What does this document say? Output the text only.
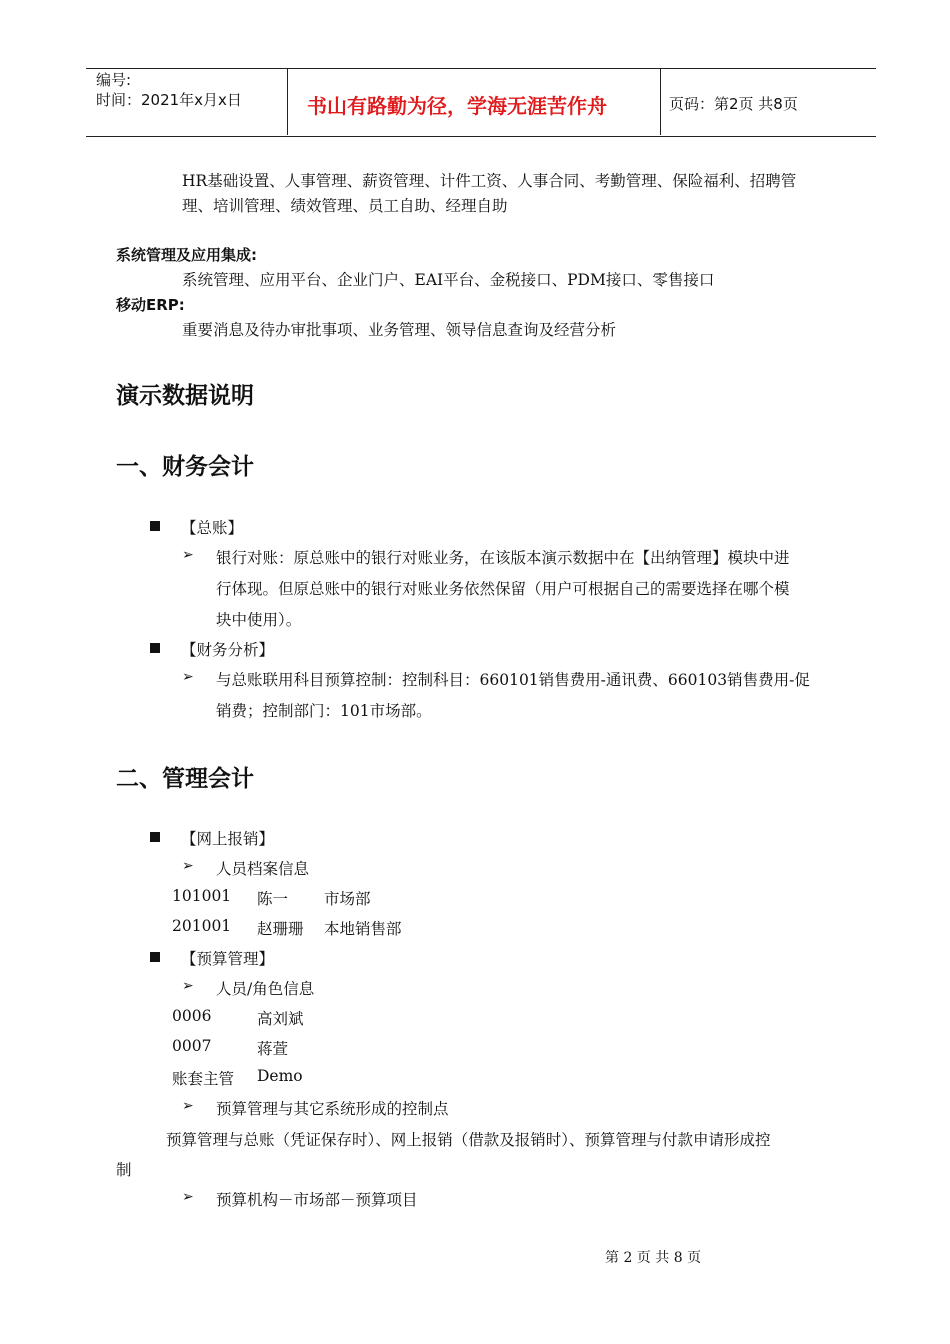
编号:
时间：2021年x月x日	书山有路勤为径，学海无涯苦作舟	页码：第2页 共8页
HR基础设置、人事管理、薪资管理、计件工资、人事合同、考勤管理、保险福利、招聘管
理、培训管理、绩效管理、员工自助、经理自助
系统管理及应用集成:
系统管理、应用平台、企业门户、EAI平台、金税接口、PDM接口、零售接口
移动ERP:
重要消息及待办审批事项、业务管理、领导信息查询及经营分析
演示数据说明
一、财务会计
【总账】
➢ 银行对账：原总账中的银行对账业务，在该版本演示数据中在【出纳管理】模块中进
行体现。但原总账中的银行对账业务依然保留（用户可根据自己的需要选择在哪个模
块中使用）。
【财务分析】
➢ 与总账联用科目预算控制：控制科目：660101销售费用-通讯费、660103销售费用-促
销费；控制部门：101市场部。
二、管理会计
【网上报销】
➢ 人员档案信息
101001 陈一 市场部
201001 赵珊珊 本地销售部
【预算管理】
➢ 人员/角色信息
0006	高刘斌
0007	蒋萱
账套主管 Demo
➢ 预算管理与其它系统形成的控制点
预算管理与总账（凭证保存时）、网上报销（借款及报销时）、预算管理与付款申请形成控
制
➢ 预算机构－市场部－预算项目
第 2 页 共 8 页
